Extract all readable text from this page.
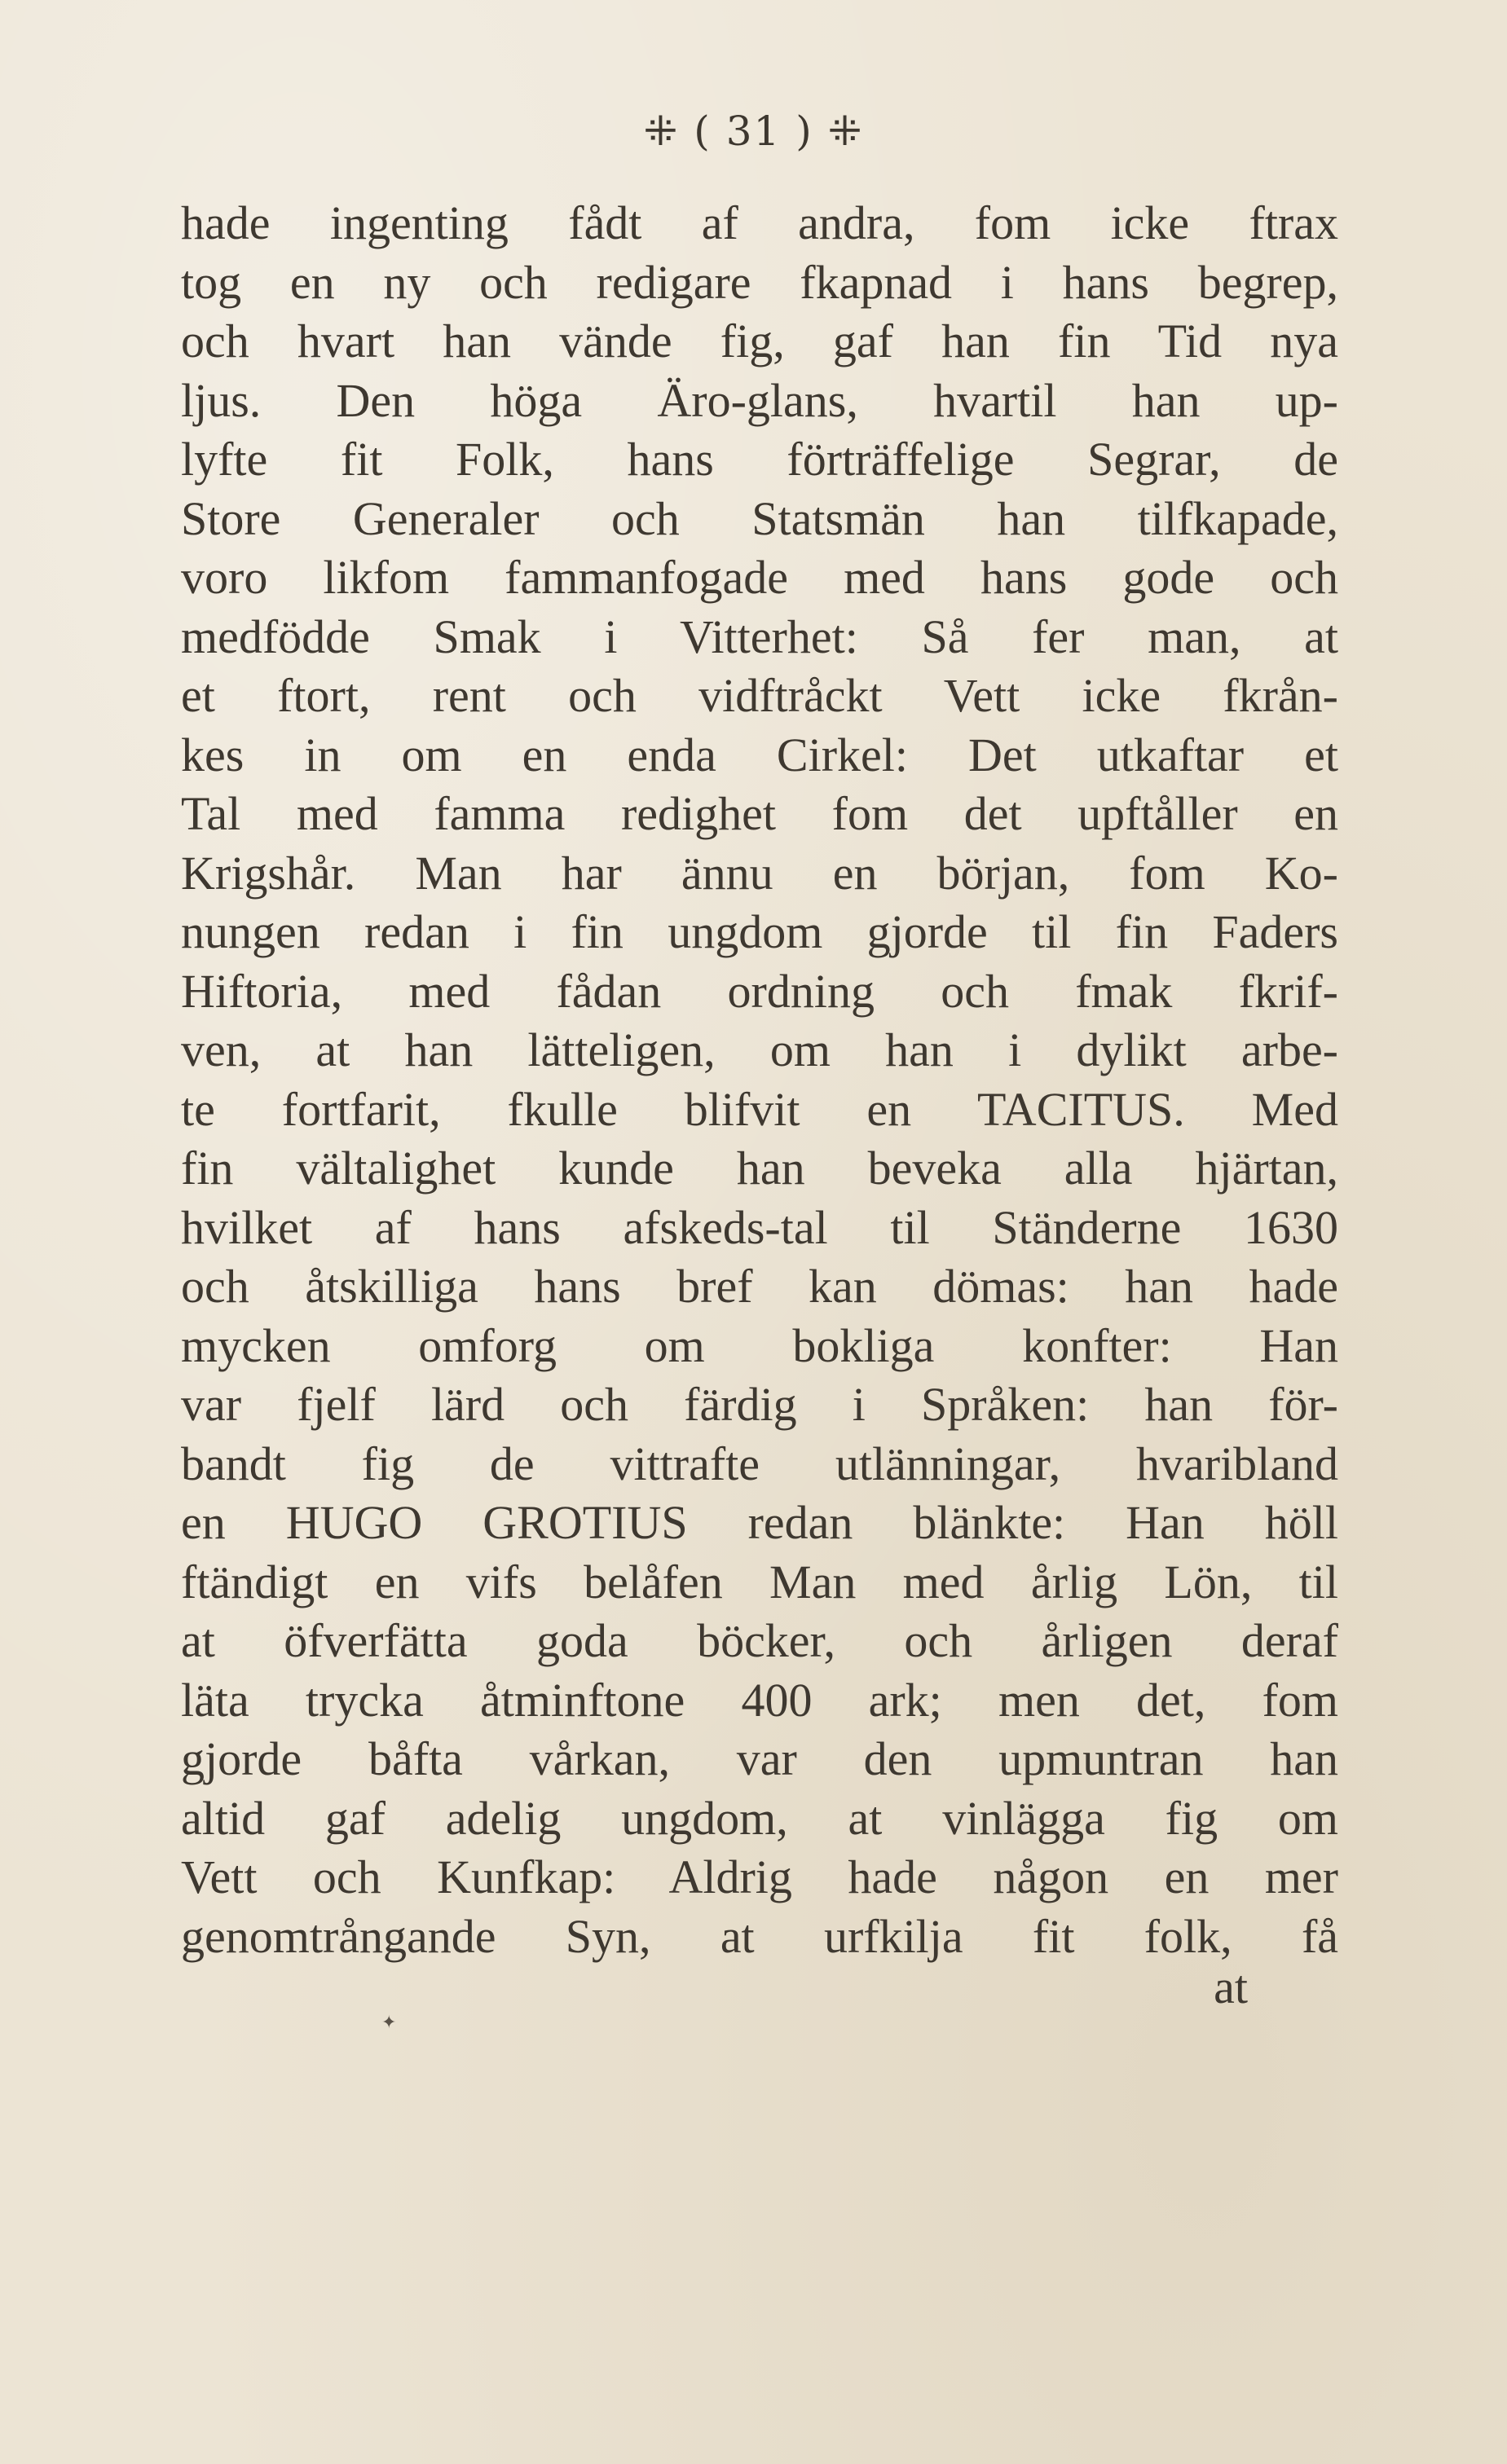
⁜ ( 31 ) ⁜
hade ingenting fådt af andra, fom icke ftrax
tog en ny och redigare fkapnad i hans begrep,
och hvart han vände fig, gaf han fin Tid nya
ljus. Den höga Äro-glans, hvartil han up-
lyfte fit Folk, hans förträffelige Segrar, de
Store Generaler och Statsmän han tilfkapade,
voro likfom fammanfogade med hans gode och
medfödde Smak i Vitterhet: Så fer man, at
et ftort, rent och vidftråckt Vett icke fkrån-
kes in om en enda Cirkel: Det utkaftar et
Tal med famma redighet fom det upftåller en
Krigshår. Man har ännu en början, fom Ko-
nungen redan i fin ungdom gjorde til fin Faders
Hiftoria, med fådan ordning och fmak fkrif-
ven, at han lätteligen, om han i dylikt arbe-
te fortfarit, fkulle blifvit en TACITUS. Med
fin vältalighet kunde han beveka alla hjärtan,
hvilket af hans afskeds-tal til Ständerne 1630
och åtskilliga hans bref kan dömas: han hade
mycken omforg om bokliga konfter: Han
var fjelf lärd och färdig i Språken: han för-
bandt fig de vittrafte utlänningar, hvaribland
en HUGO GROTIUS redan blänkte: Han höll
ftändigt en vifs belåfen Man med årlig Lön, til
at öfverfätta goda böcker, och årligen deraf
läta trycka åtminftone 400 ark; men det, fom
gjorde båfta vårkan, var den upmuntran han
altid gaf adelig ungdom, at vinlägga fig om
Vett och Kunfkap: Aldrig hade någon en mer
genomtrångande Syn, at urfkilja fit folk, få
at
✦
